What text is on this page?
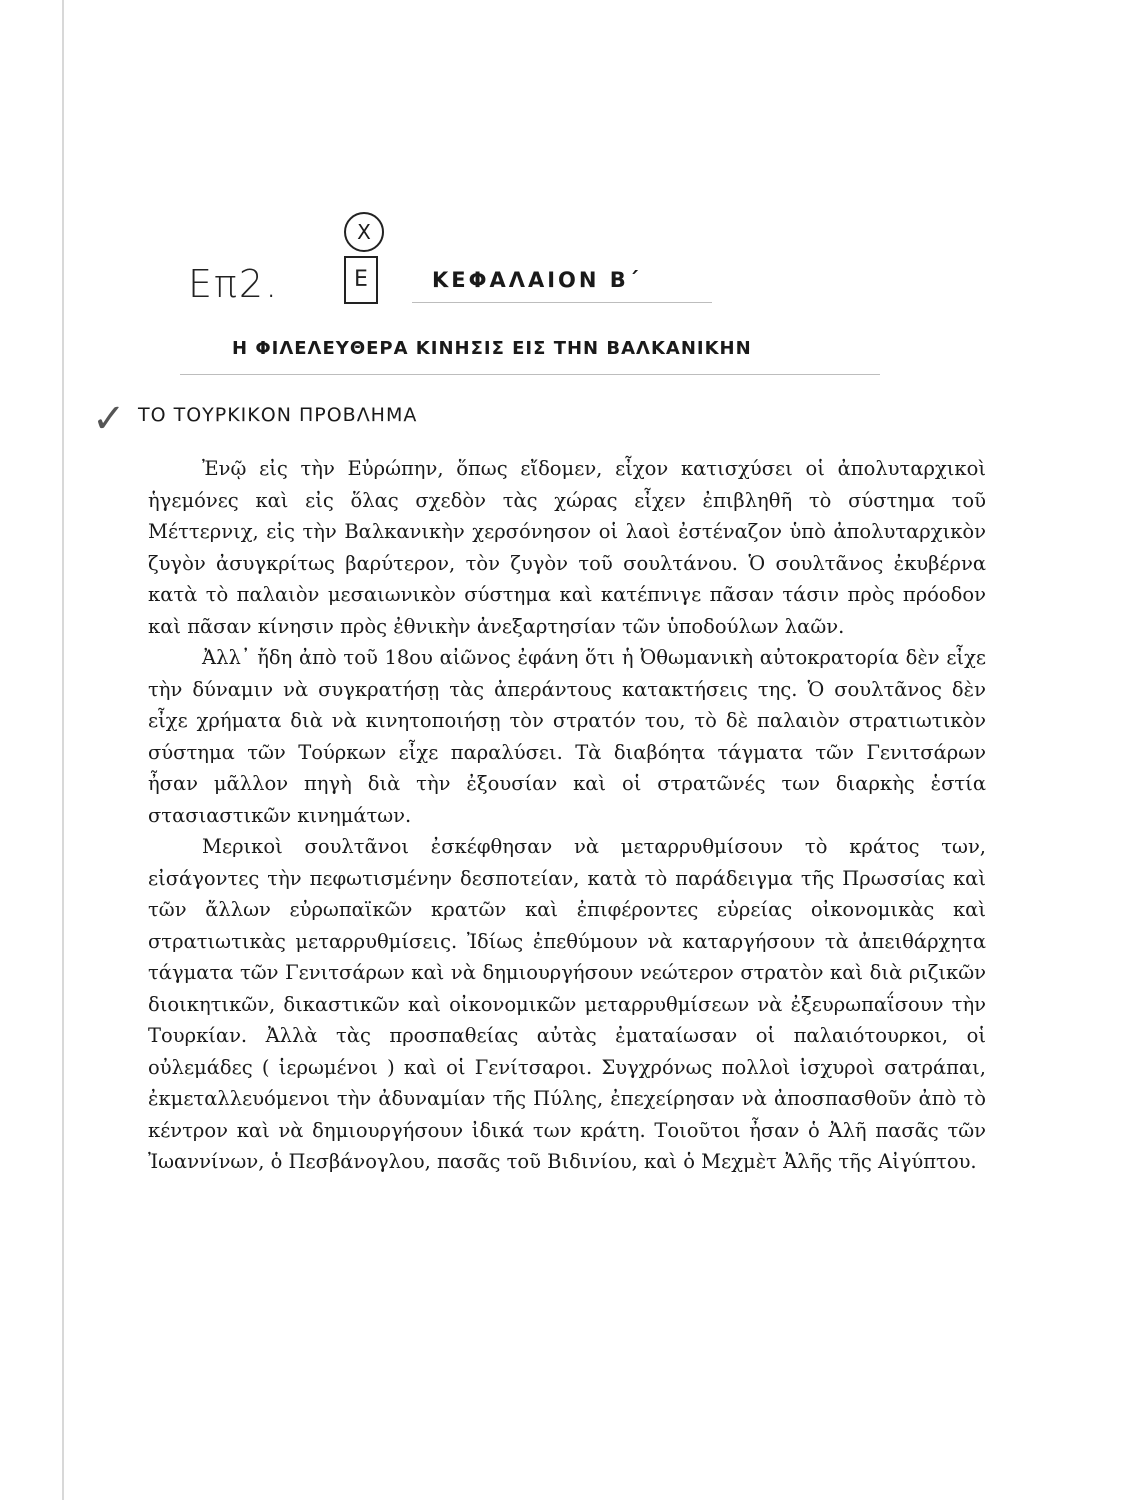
X
Επ2.	Ε	ΚΕΦΑΛΑΙΟΝ Β΄
Η ΦΙΛΕΛΕΥΘΕΡΑ ΚΙΝΗΣΙΣ ΕΙΣ ΤΗΝ ΒΑΛΚΑΝΙΚΗΝ
✓ ΤΟ ΤΟΥΡΚΙΚΟΝ ΠΡΟΒΛΗΜΑ

Ἐνῷ εἰς τὴν Εὐρώπην, ὅπως εἴδομεν, εἶχον κατισχύσει οἱ ἀπολυταρχικοὶ ἡγεμόνες καὶ εἰς ὅλας σχεδὸν τὰς χώρας εἶχεν ἐπιβληθῆ τὸ σύστημα τοῦ Μέττερνιχ, εἰς τὴν Βαλκανικὴν χερσόνησον οἱ λαοὶ ἐστέναζον ὑπὸ ἀπολυταρχικὸν ζυγὸν ἀσυγκρίτως βαρύτερον, τὸν ζυγὸν τοῦ σουλτάνου. Ὁ σουλτᾶνος ἐκυβέρνα κατὰ τὸ παλαιὸν μεσαιωνικὸν σύστημα καὶ κατέπνιγε πᾶσαν τάσιν πρὸς πρόοδον καὶ πᾶσαν κίνησιν πρὸς ἐθνικὴν ἀνεξαρτησίαν τῶν ὑποδούλων λαῶν.

Ἀλλ᾽ ἤδη ἀπὸ τοῦ 18ου αἰῶνος ἐφάνη ὅτι ἡ Ὀθωμανικὴ αὐτοκρατορία δὲν εἶχε τὴν δύναμιν νὰ συγκρατήσῃ τὰς ἀπεράντους κατακτήσεις της. Ὁ σουλτᾶνος δὲν εἶχε χρήματα διὰ νὰ κινητοποιήσῃ τὸν στρατόν του, τὸ δὲ παλαιὸν στρατιωτικὸν σύστημα τῶν Τούρκων εἶχε παραλύσει. Τὰ διαβόητα τάγματα τῶν Γενιτσάρων ἦσαν μᾶλλον πηγὴ διὰ τὴν ἐξουσίαν καὶ οἱ στρατῶνές των διαρκὴς ἑστία στασιαστικῶν κινημάτων.

Μερικοὶ σουλτᾶνοι ἐσκέφθησαν νὰ μεταρρυθμίσουν τὸ κράτος των, εἰσάγοντες τὴν πεφωτισμένην δεσποτείαν, κατὰ τὸ παράδειγμα τῆς Πρωσσίας καὶ τῶν ἄλλων εὐρωπαϊκῶν κρατῶν καὶ ἐπιφέροντες εὐρείας οἰκονομικὰς καὶ στρατιωτικὰς μεταρρυθμίσεις. Ἰδίως ἐπεθύμουν νὰ καταργήσουν τὰ ἀπειθάρχητα τάγματα τῶν Γενιτσάρων καὶ νὰ δημιουργήσουν νεώτερον στρατὸν καὶ διὰ ριζικῶν διοικητικῶν, δικαστικῶν καὶ οἰκονομικῶν μεταρρυθμίσεων νὰ ἐξευρωπαΐσουν τὴν Τουρκίαν. Ἀλλὰ τὰς προσπαθείας αὐτὰς ἐματαίωσαν οἱ παλαιότουρκοι, οἱ οὐλεμάδες ( ἱερωμένοι ) καὶ οἱ Γενίτσαροι. Συγχρόνως πολλοὶ ἰσχυροὶ σατράπαι, ἐκμεταλλευόμενοι τὴν ἀδυναμίαν τῆς Πύλης, ἐπεχείρησαν νὰ ἀποσπασθοῦν ἀπὸ τὸ κέντρον καὶ νὰ δημιουργήσουν ἰδικά των κράτη. Τοιοῦτοι ἦσαν ὁ Ἀλῆ πασᾶς τῶν Ἰωαννίνων, ὁ Πεσβάνογλου, πασᾶς τοῦ Βιδινίου, καὶ ὁ Μεχμὲτ Ἀλῆς τῆς Αἰγύπτου.
